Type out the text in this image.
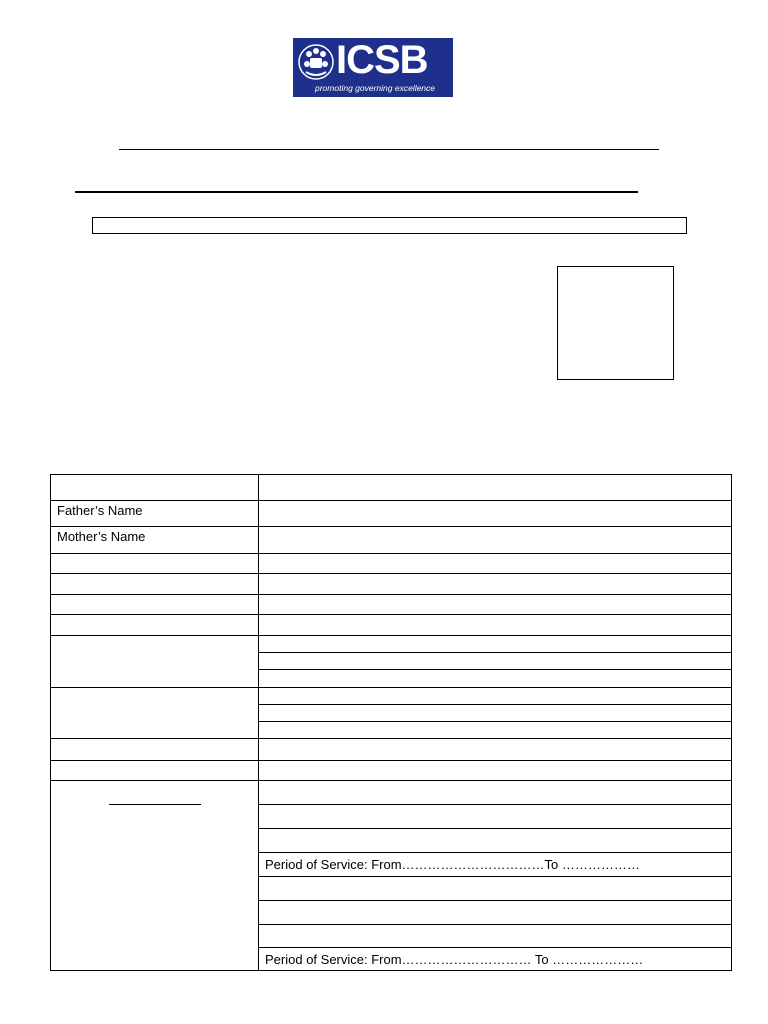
ICSB
promoting governing excellence

Father’s Name	
Mother’s Name	

	Period of Service: From……………………………To ………………

	Period of Service: From………………………… To …………………
